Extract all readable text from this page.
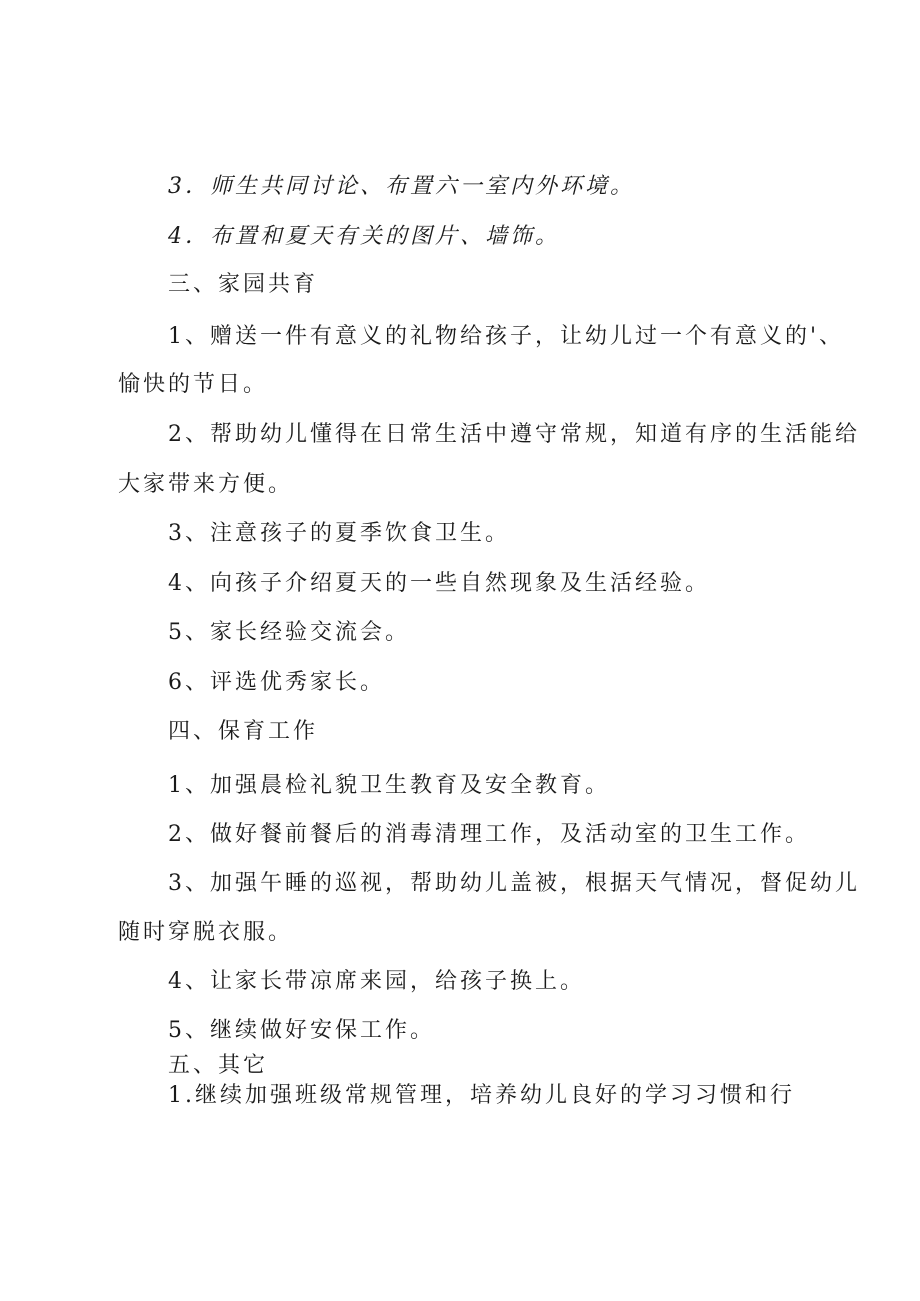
3．师生共同讨论、布置六一室内外环境。
4．布置和夏天有关的图片、墙饰。
三、家园共育
1、赠送一件有意义的礼物给孩子，让幼儿过一个有意义的'、
愉快的节日。
2、帮助幼儿懂得在日常生活中遵守常规，知道有序的生活能给
大家带来方便。
3、注意孩子的夏季饮食卫生。
4、向孩子介绍夏天的一些自然现象及生活经验。
5、家长经验交流会。
6、评选优秀家长。
四、保育工作
1、加强晨检礼貌卫生教育及安全教育。
2、做好餐前餐后的消毒清理工作，及活动室的卫生工作。
3、加强午睡的巡视，帮助幼儿盖被，根据天气情况，督促幼儿
随时穿脱衣服。
4、让家长带凉席来园，给孩子换上。
5、继续做好安保工作。
五、其它
1.继续加强班级常规管理，培养幼儿良好的学习习惯和行
